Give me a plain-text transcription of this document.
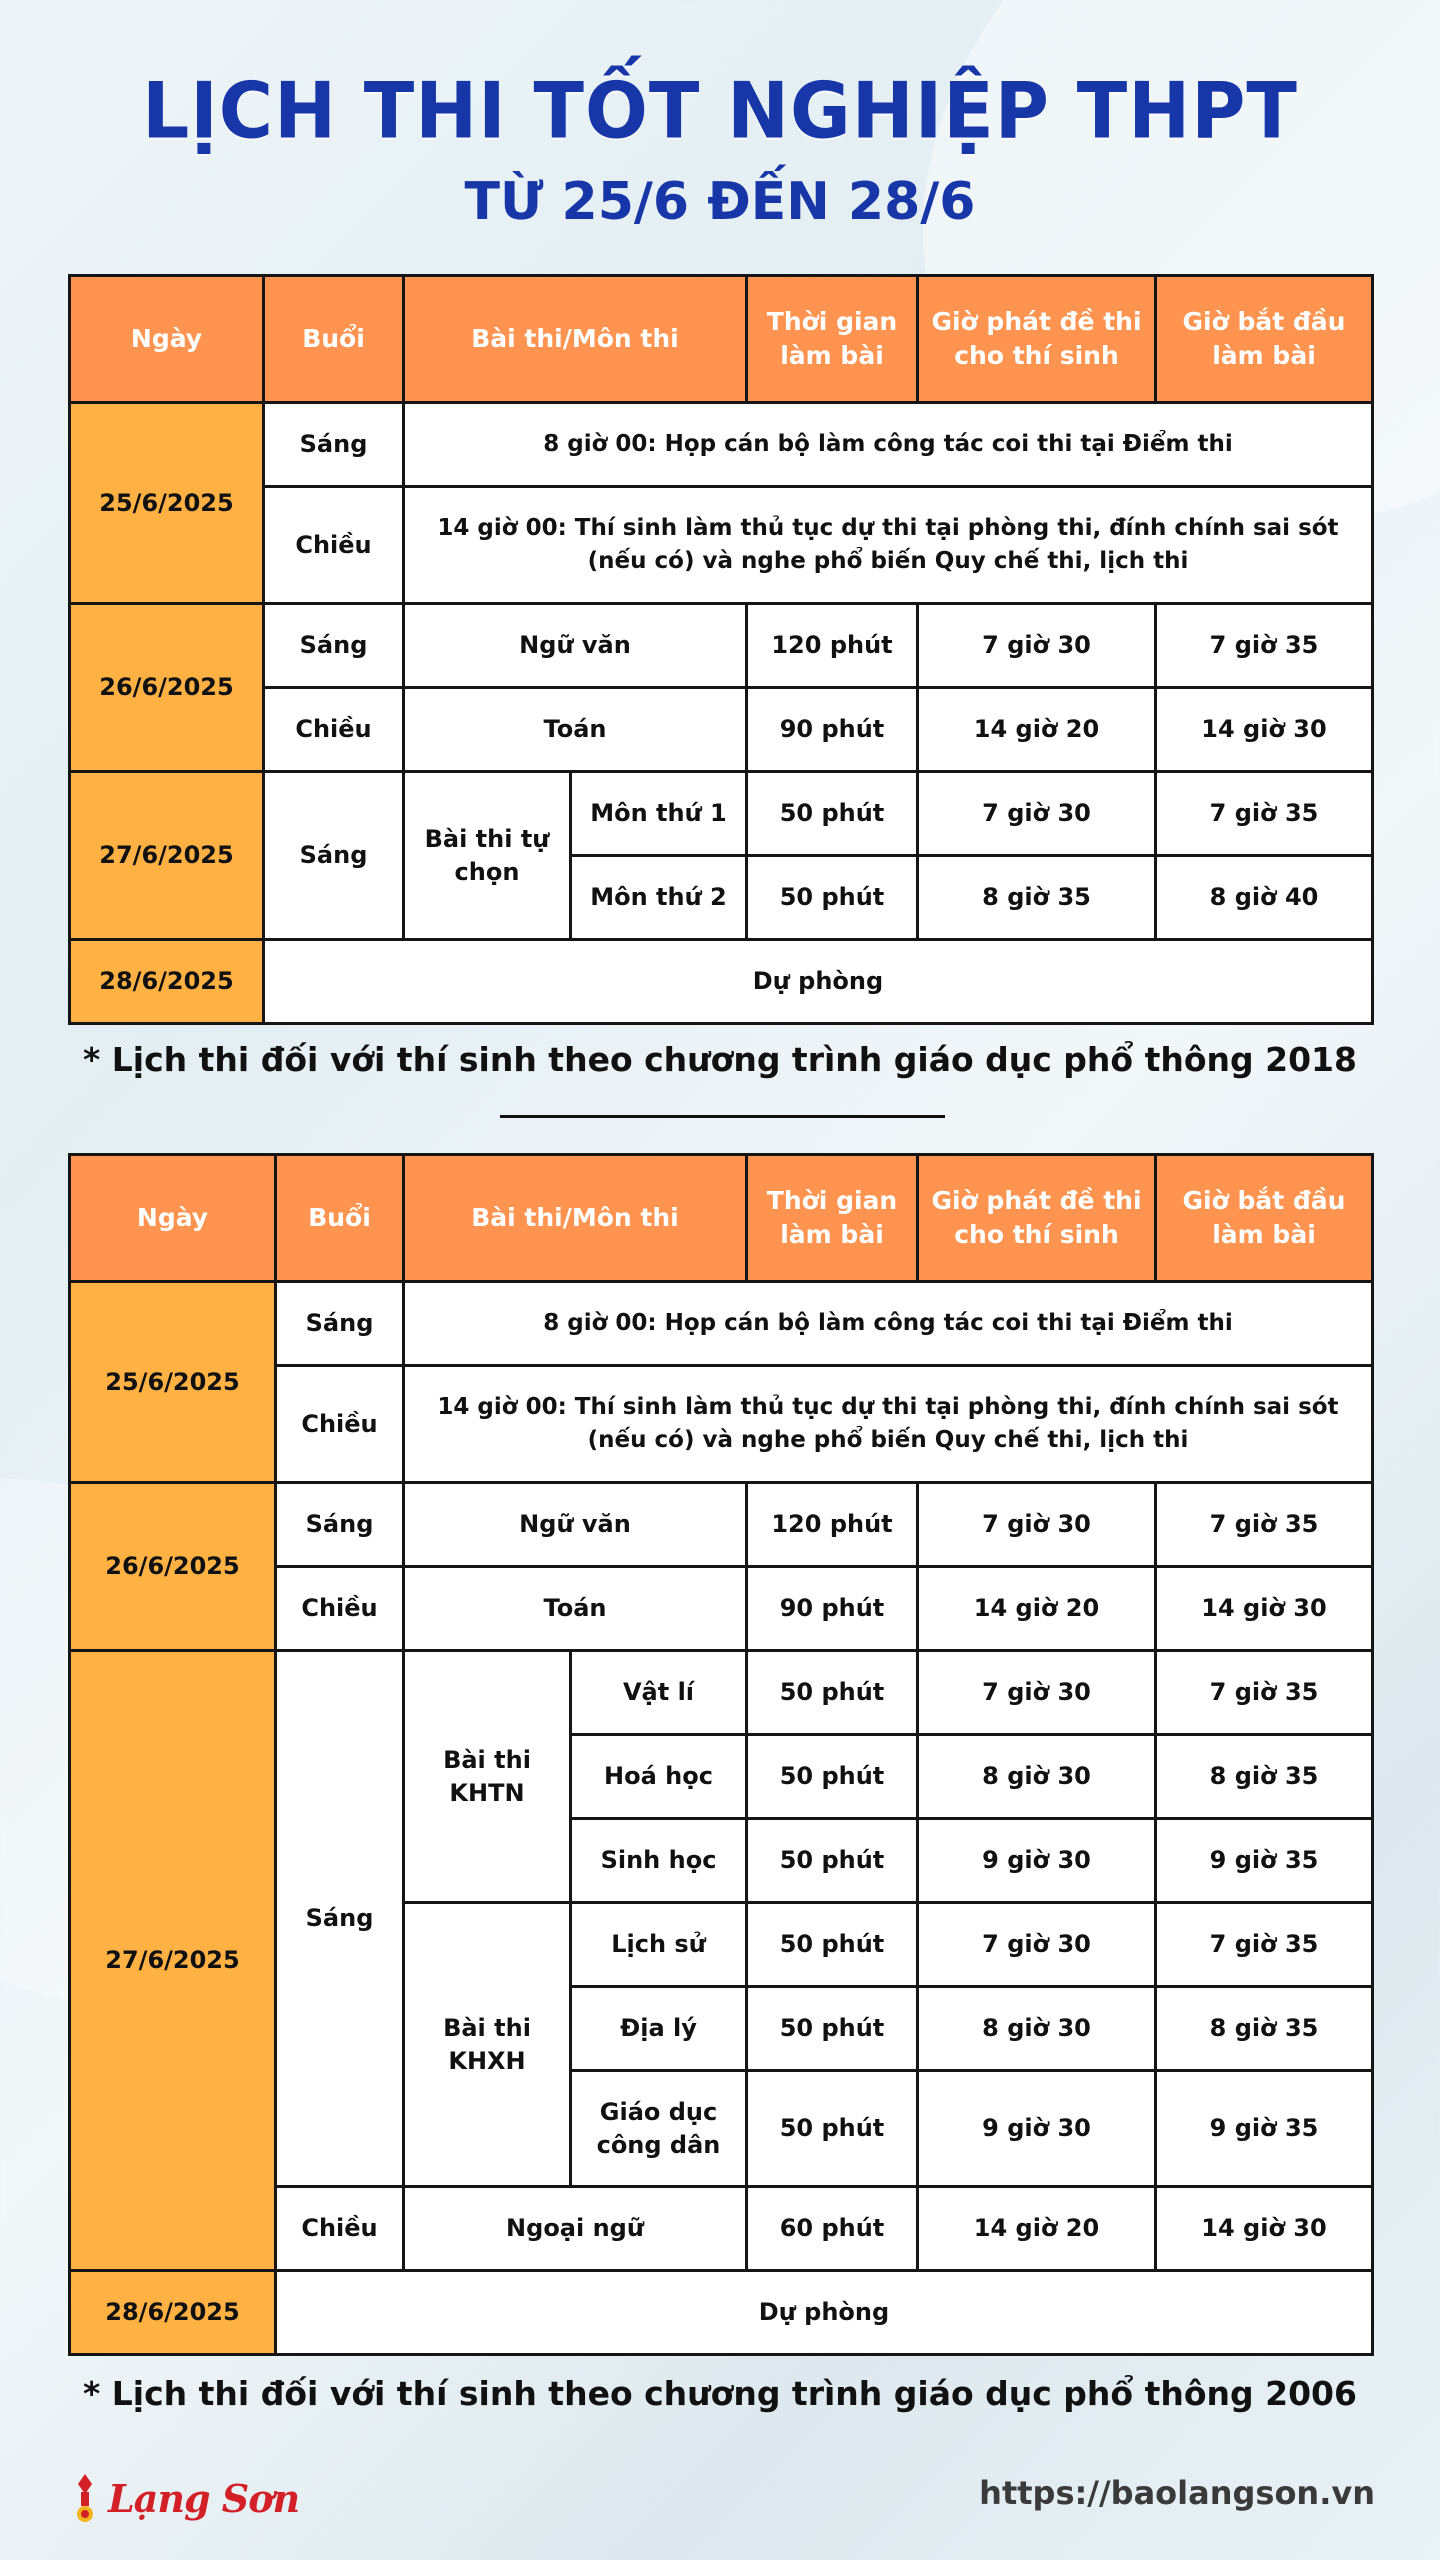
LỊCH THI TỐT NGHIỆP THPT
TỪ 25/6 ĐẾN 28/6
Ngày	Buổi	Bài thi/Môn thi		Thời gian làm bài	Giờ phát đề thi cho thí sinh	Giờ bắt đầu làm bài
25/6/2025	Sáng	8 giờ 00: Họp cán bộ làm công tác coi thi tại Điểm thi				
	Chiều	14 giờ 00: Thí sinh làm thủ tục dự thi tại phòng thi, đính chính sai sót (nếu có) và nghe phổ biến Quy chế thi, lịch thi				
26/6/2025	Sáng	Ngữ văn		120 phút	7 giờ 30	7 giờ 35
	Chiều	Toán		90 phút	14 giờ 20	14 giờ 30
27/6/2025	Sáng	Bài thi tự chọn	Môn thứ 1	50 phút	7 giờ 30	7 giờ 35
			Môn thứ 2	50 phút	8 giờ 35	8 giờ 40
28/6/2025	Dự phòng					
* Lịch thi đối với thí sinh theo chương trình giáo dục phổ thông 2018
Ngày	Buổi	Bài thi/Môn thi		Thời gian làm bài	Giờ phát đề thi cho thí sinh	Giờ bắt đầu làm bài
25/6/2025	Sáng	8 giờ 00: Họp cán bộ làm công tác coi thi tại Điểm thi				
	Chiều	14 giờ 00: Thí sinh làm thủ tục dự thi tại phòng thi, đính chính sai sót (nếu có) và nghe phổ biến Quy chế thi, lịch thi				
26/6/2025	Sáng	Ngữ văn		120 phút	7 giờ 30	7 giờ 35
	Chiều	Toán		90 phút	14 giờ 20	14 giờ 30
27/6/2025	Sáng	Bài thi KHTN	Vật lí	50 phút	7 giờ 30	7 giờ 35
			Hoá học	50 phút	8 giờ 30	8 giờ 35
			Sinh học	50 phút	9 giờ 30	9 giờ 35
		Bài thi KHXH	Lịch sử	50 phút	7 giờ 30	7 giờ 35
			Địa lý	50 phút	8 giờ 30	8 giờ 35
			Giáo dục công dân	50 phút	9 giờ 30	9 giờ 35
	Chiều	Ngoại ngữ		60 phút	14 giờ 20	14 giờ 30
28/6/2025	Dự phòng					
* Lịch thi đối với thí sinh theo chương trình giáo dục phổ thông 2006
Lạng Sơn	https://baolangson.vn
